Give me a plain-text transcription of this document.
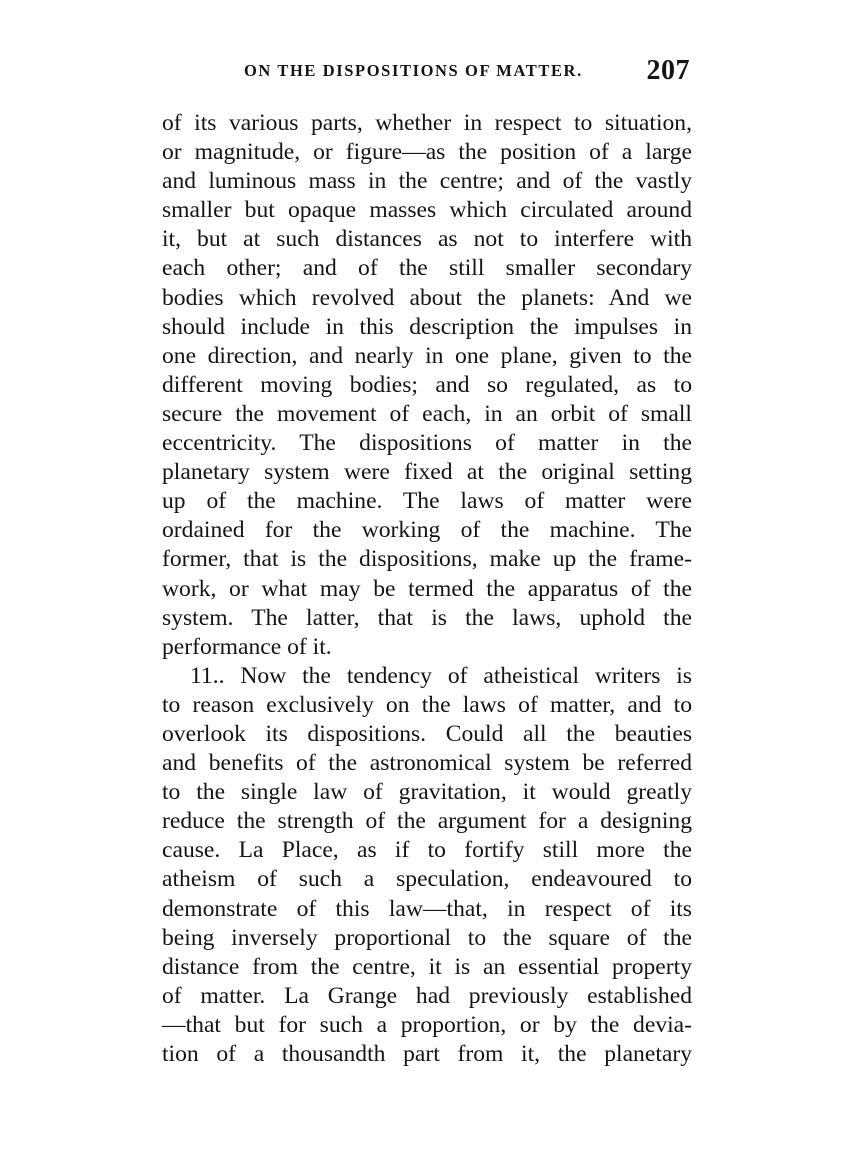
ON THE DISPOSITIONS OF MATTER. 207
of its various parts, whether in respect to situation,
or magnitude, or figure—as the position of a large
and luminous mass in the centre; and of the vastly
smaller but opaque masses which circulated around
it, but at such distances as not to interfere with
each other; and of the still smaller secondary
bodies which revolved about the planets: And we
should include in this description the impulses in
one direction, and nearly in one plane, given to the
different moving bodies; and so regulated, as to
secure the movement of each, in an orbit of small
eccentricity. The dispositions of matter in the
planetary system were fixed at the original setting
up of the machine. The laws of matter were
ordained for the working of the machine. The
former, that is the dispositions, make up the frame-
work, or what may be termed the apparatus of the
system. The latter, that is the laws, uphold the
performance of it.
11.. Now the tendency of atheistical writers is
to reason exclusively on the laws of matter, and to
overlook its dispositions. Could all the beauties
and benefits of the astronomical system be referred
to the single law of gravitation, it would greatly
reduce the strength of the argument for a designing
cause. La Place, as if to fortify still more the
atheism of such a speculation, endeavoured to
demonstrate of this law—that, in respect of its
being inversely proportional to the square of the
distance from the centre, it is an essential property
of matter. La Grange had previously established
—that but for such a proportion, or by the devia-
tion of a thousandth part from it, the planetary
